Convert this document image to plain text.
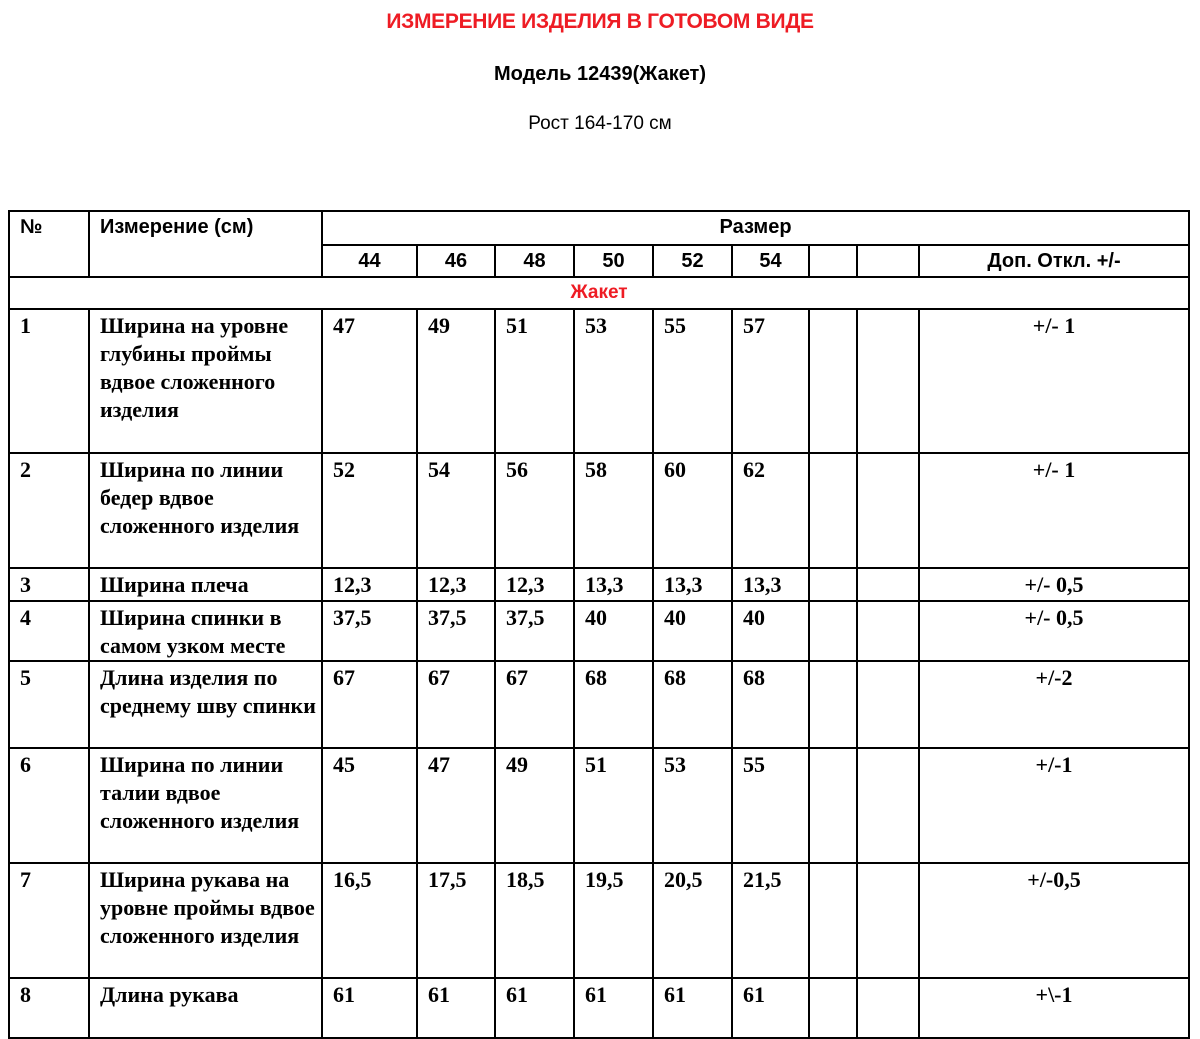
ИЗМЕРЕНИЕ ИЗДЕЛИЯ В ГОТОВОМ ВИДЕ
Модель 12439(Жакет)
Рост 164-170 см
№	Измерение (см)	Размер								
		44	46	48	50	52	54			Доп. Откл. +/-
Жакет										
1	Ширина на уровне глубины проймы вдвое сложенного изделия	47	49	51	53	55	57			+/- 1
2	Ширина по линии бедер вдвое сложенного изделия	52	54	56	58	60	62			+/- 1
3	Ширина плеча	12,3	12,3	12,3	13,3	13,3	13,3			+/- 0,5
4	Ширина спинки в самом узком месте	37,5	37,5	37,5	40	40	40			+/- 0,5
5	Длина изделия по среднему шву спинки	67	67	67	68	68	68			+/-2
6	Ширина по линии талии вдвое сложенного изделия	45	47	49	51	53	55			+/-1
7	Ширина рукава на уровне проймы вдвое сложенного изделия	16,5	17,5	18,5	19,5	20,5	21,5			+/-0,5
8	Длина рукава	61	61	61	61	61	61			+\-1
